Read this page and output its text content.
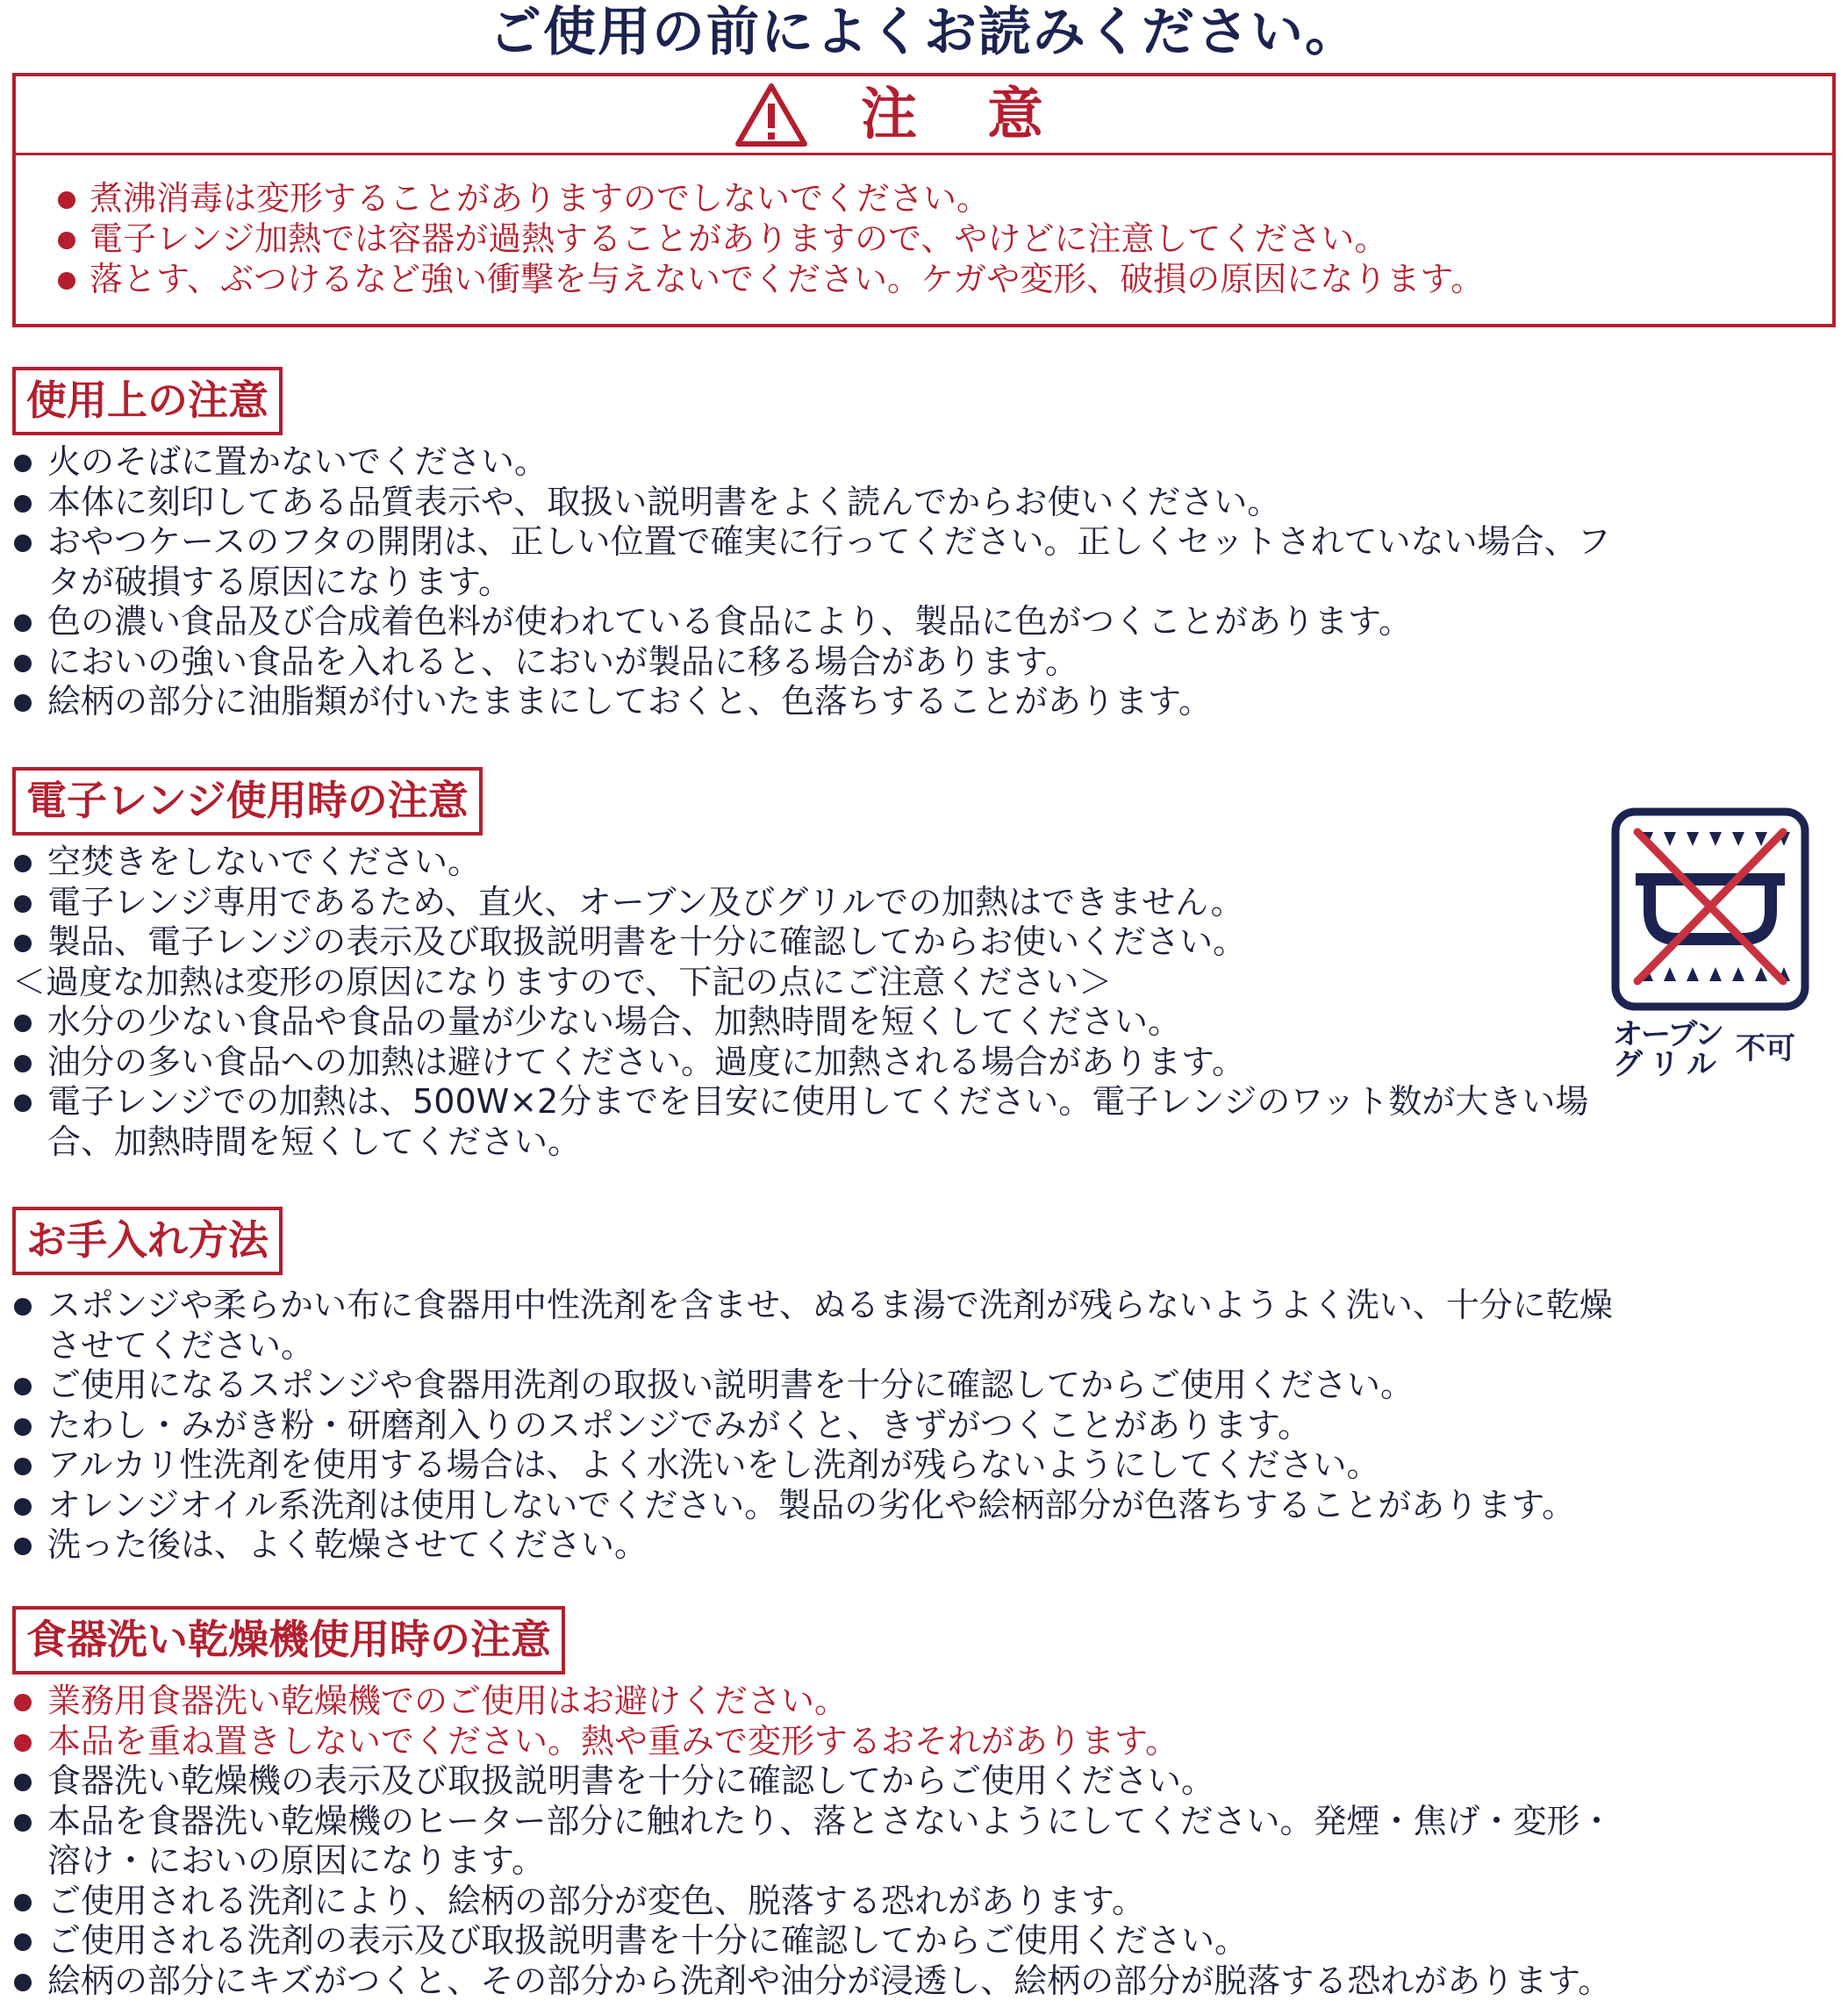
ご使用の前によくお読みください。
注意
煮沸消毒は変形することがありますのでしないでください。
電子レンジ加熱では容器が過熱することがありますので、やけどに注意してください。
落とす、ぶつけるなど強い衝撃を与えないでください。ケガや変形、破損の原因になります。
使用上の注意
火のそばに置かないでください。
本体に刻印してある品質表示や、取扱い説明書をよく読んでからお使いください。
おやつケースのフタの開閉は、正しい位置で確実に行ってください。正しくセットされていない場合、フ
タが破損する原因になります。
色の濃い食品及び合成着色料が使われている食品により、製品に色がつくことがあります。
においの強い食品を入れると、においが製品に移る場合があります。
絵柄の部分に油脂類が付いたままにしておくと、色落ちすることがあります。
電子レンジ使用時の注意
空焚きをしないでください。
電子レンジ専用であるため、直火、オーブン及びグリルでの加熱はできません。
製品、電子レンジの表示及び取扱説明書を十分に確認してからお使いください。
＜過度な加熱は変形の原因になりますので、下記の点にご注意ください＞
水分の少ない食品や食品の量が少ない場合、加熱時間を短くしてください。
油分の多い食品への加熱は避けてください。過度に加熱される場合があります。
電子レンジでの加熱は、500W×2分までを目安に使用してください。電子レンジのワット数が大きい場
合、加熱時間を短くしてください。
オーブン
グリル 不可
お手入れ方法
スポンジや柔らかい布に食器用中性洗剤を含ませ、ぬるま湯で洗剤が残らないようよく洗い、十分に乾燥
させてください。
ご使用になるスポンジや食器用洗剤の取扱い説明書を十分に確認してからご使用ください。
たわし・みがき粉・研磨剤入りのスポンジでみがくと、きずがつくことがあります。
アルカリ性洗剤を使用する場合は、よく水洗いをし洗剤が残らないようにしてください。
オレンジオイル系洗剤は使用しないでください。製品の劣化や絵柄部分が色落ちすることがあります。
洗った後は、よく乾燥させてください。
食器洗い乾燥機使用時の注意
業務用食器洗い乾燥機でのご使用はお避けください。
本品を重ね置きしないでください。熱や重みで変形するおそれがあります。
食器洗い乾燥機の表示及び取扱説明書を十分に確認してからご使用ください。
本品を食器洗い乾燥機のヒーター部分に触れたり、落とさないようにしてください。発煙・焦げ・変形・
溶け・においの原因になります。
ご使用される洗剤により、絵柄の部分が変色、脱落する恐れがあります。
ご使用される洗剤の表示及び取扱説明書を十分に確認してからご使用ください。
絵柄の部分にキズがつくと、その部分から洗剤や油分が浸透し、絵柄の部分が脱落する恐れがあります。
